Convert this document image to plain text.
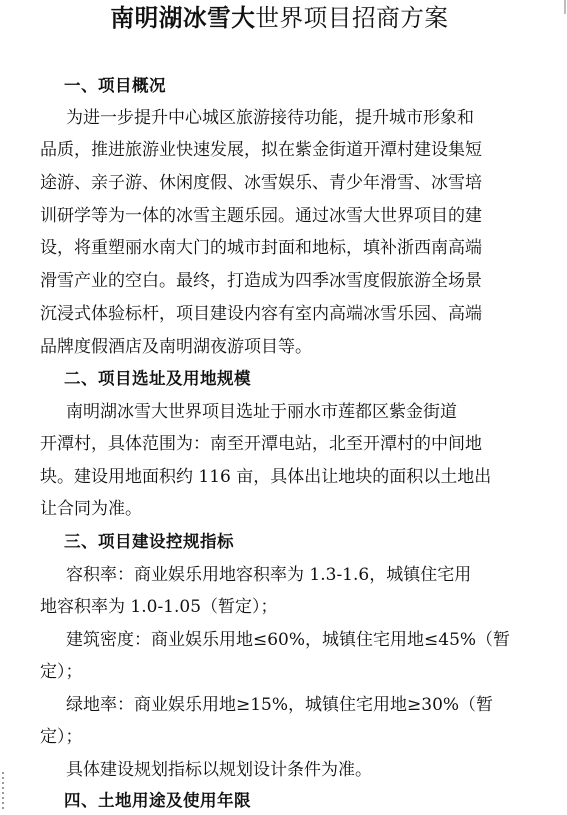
南明湖冰雪大世界项目招商方案
一、项目概况
为进一步提升中心城区旅游接待功能，提升城市形象和
品质，推进旅游业快速发展，拟在紫金街道开潭村建设集短
途游、亲子游、休闲度假、冰雪娱乐、青少年滑雪、冰雪培
训研学等为一体的冰雪主题乐园。通过冰雪大世界项目的建
设，将重塑丽水南大门的城市封面和地标，填补浙西南高端
滑雪产业的空白。最终，打造成为四季冰雪度假旅游全场景
沉浸式体验标杆，项目建设内容有室内高端冰雪乐园、高端
品牌度假酒店及南明湖夜游项目等。
二、项目选址及用地规模
南明湖冰雪大世界项目选址于丽水市莲都区紫金街道
开潭村，具体范围为：南至开潭电站，北至开潭村的中间地
块。建设用地面积约 116 亩，具体出让地块的面积以土地出
让合同为准。
三、项目建设控规指标
容积率：商业娱乐用地容积率为 1.3-1.6，城镇住宅用
地容积率为 1.0-1.05（暂定）；
建筑密度：商业娱乐用地≤60%，城镇住宅用地≤45%（暂
定）；
绿地率：商业娱乐用地≥15%，城镇住宅用地≥30%（暂
定）；
具体建设规划指标以规划设计条件为准。
四、土地用途及使用年限
